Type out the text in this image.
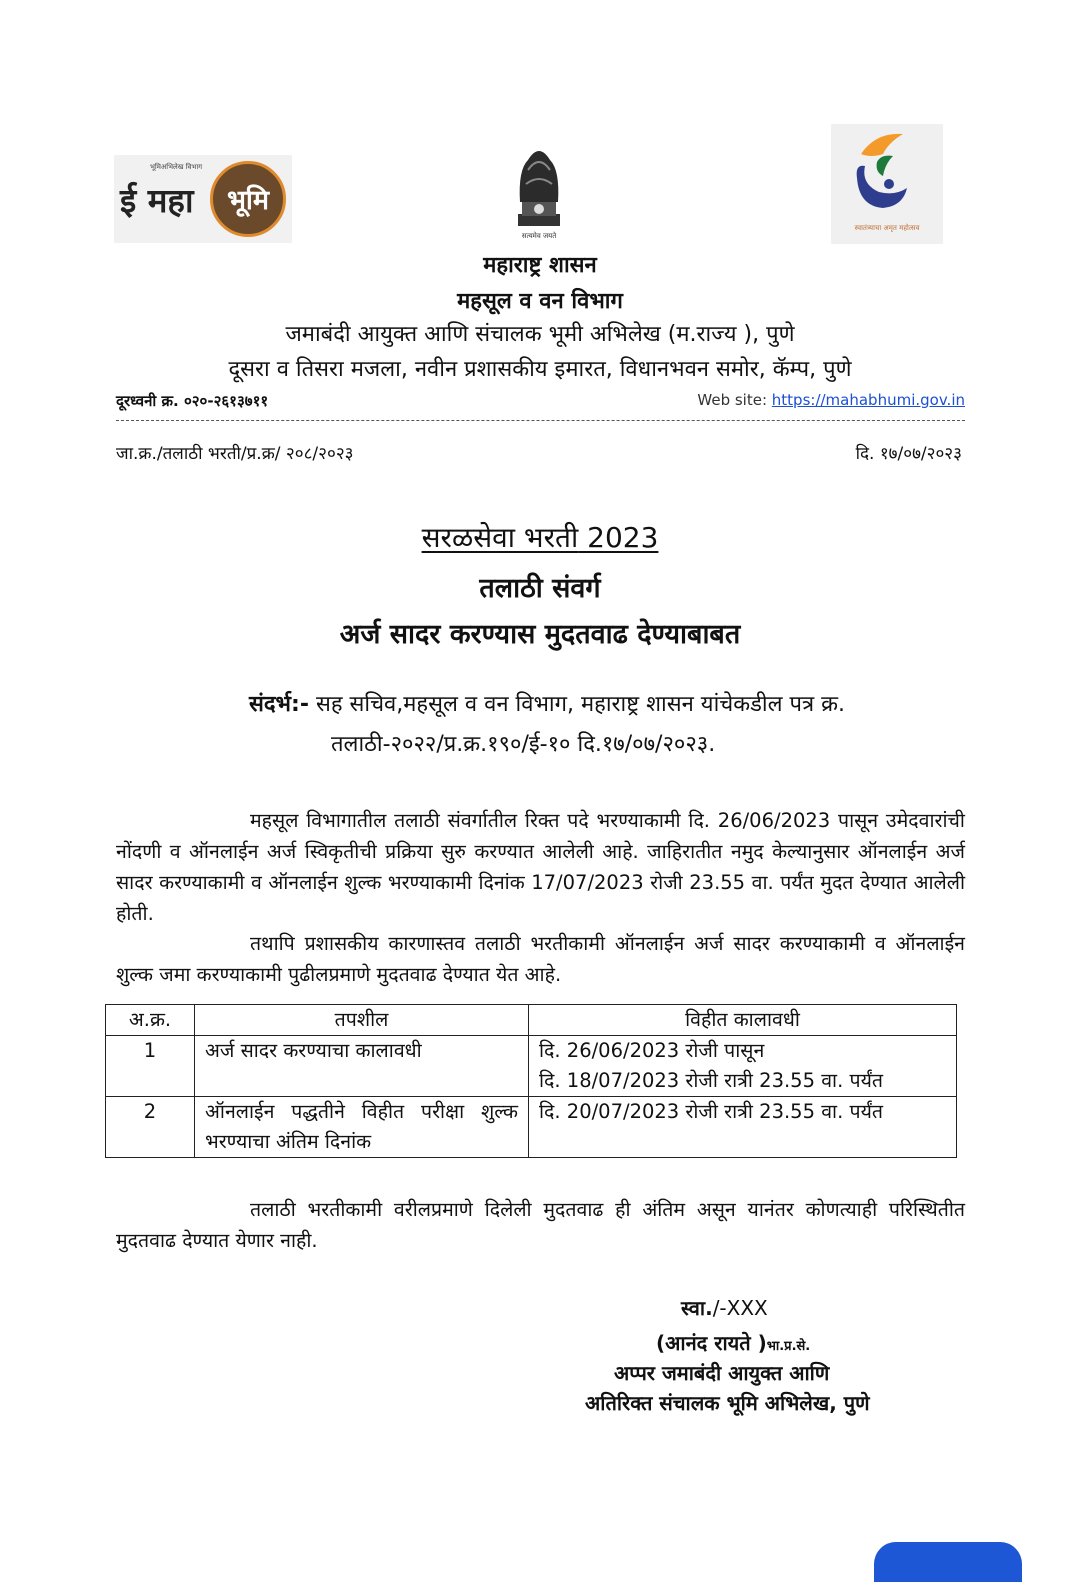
भूमिअभिलेख विभाग
ई महा	भूमि
सत्यमेव जयते
स्वातंत्र्याचा अमृत महोत्सव
महाराष्ट्र शासन
महसूल व वन विभाग
जमाबंदी आयुक्त आणि संचालक भूमी अभिलेख (म.राज्य ), पुणे
दूसरा व तिसरा मजला, नवीन प्रशासकीय इमारत, विधानभवन समोर, कॅम्प, पुणे
दूरध्वनी क्र. ०२०-२६१३७११	Web site: https://mahabhumi.gov.in
जा.क्र./तलाठी भरती/प्र.क्र/ २०८/२०२३	दि. १७/०७/२०२३
सरळसेवा भरती 2023
तलाठी संवर्ग
अर्ज सादर करण्यास मुदतवाढ देण्याबाबत
संदर्भ:- सह सचिव,महसूल व वन विभाग, महाराष्ट्र शासन यांचेकडील पत्र क्र.
तलाठी-२०२२/प्र.क्र.१९०/ई-१० दि.१७/०७/२०२३.
महसूल विभागातील तलाठी संवर्गातील रिक्त पदे भरण्याकामी दि. 26/06/2023 पासून उमेदवारांची नोंदणी व ऑनलाईन अर्ज स्विकृतीची प्रक्रिया सुरु करण्यात आलेली आहे. जाहिरातीत नमुद केल्यानुसार ऑनलाईन अर्ज सादर करण्याकामी व ऑनलाईन शुल्क भरण्याकामी दिनांक 17/07/2023 रोजी 23.55 वा. पर्यंत मुदत देण्यात आलेली होती.
तथापि प्रशासकीय कारणास्तव तलाठी भरतीकामी ऑनलाईन अर्ज सादर करण्याकामी व ऑनलाईन शुल्क जमा करण्याकामी पुढीलप्रमाणे मुदतवाढ देण्यात येत आहे.
अ.क्र.	तपशील	विहीत कालावधी
1	अर्ज सादर करण्याचा कालावधी	दि. 26/06/2023 रोजी पासून
दि. 18/07/2023 रोजी रात्री 23.55 वा. पर्यंत

2	ऑनलाईन पद्धतीने विहीत परीक्षा शुल्क भरण्याचा अंतिम दिनांक	दि. 20/07/2023 रोजी रात्री 23.55 वा. पर्यंत
तलाठी भरतीकामी वरीलप्रमाणे दिलेली मुदतवाढ ही अंतिम असून यानंतर कोणत्याही परिस्थितीत मुदतवाढ देण्यात येणार नाही.
स्वा./-XXX
(आनंद रायते )भा.प्र.से.
अप्पर जमाबंदी आयुक्त आणि
अतिरिक्त संचालक भूमि अभिलेख, पुणे
